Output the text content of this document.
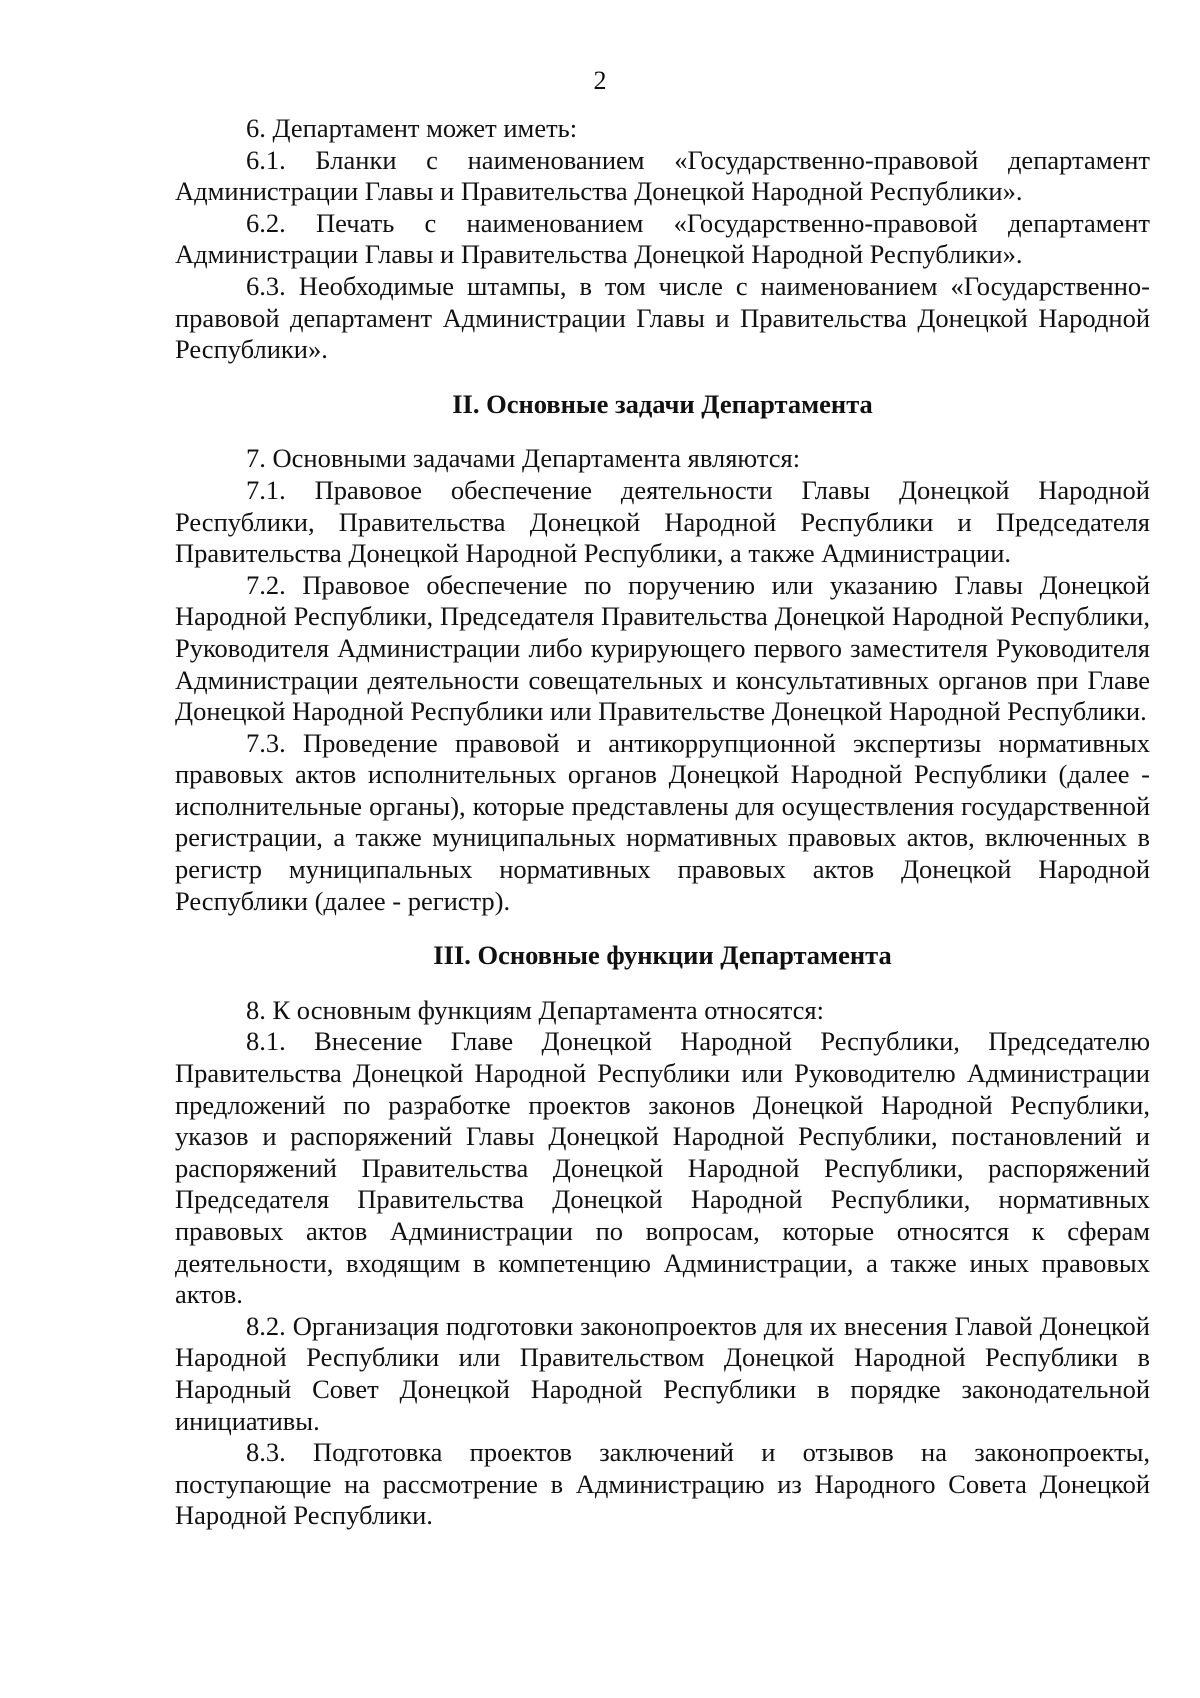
2

6. Департамент может иметь:

6.1. Бланки с наименованием «Государственно-правовой департамент Администрации Главы и Правительства Донецкой Народной Республики».

6.2. Печать с наименованием «Государственно-правовой департамент Администрации Главы и Правительства Донецкой Народной Республики».

6.3. Необходимые штампы, в том числе с наименованием «Государственно-правовой департамент Администрации Главы и Правительства Донецкой Народной Республики».

II. Основные задачи Департамента

7. Основными задачами Департамента являются:

7.1. Правовое обеспечение деятельности Главы Донецкой Народной Республики, Правительства Донецкой Народной Республики и Председателя Правительства Донецкой Народной Республики, а также Администрации.

7.2. Правовое обеспечение по поручению или указанию Главы Донецкой Народной Республики, Председателя Правительства Донецкой Народной Республики, Руководителя Администрации либо курирующего первого заместителя Руководителя Администрации деятельности совещательных и консультативных органов при Главе Донецкой Народной Республики или Правительстве Донецкой Народной Республики.

7.3. Проведение правовой и антикоррупционной экспертизы нормативных правовых актов исполнительных органов Донецкой Народной Республики (далее - исполнительные органы), которые представлены для осуществления государственной регистрации, а также муниципальных нормативных правовых актов, включенных в регистр муниципальных нормативных правовых актов Донецкой Народной Республики (далее - регистр).

III. Основные функции Департамента

8. К основным функциям Департамента относятся:

8.1. Внесение Главе Донецкой Народной Республики, Председателю Правительства Донецкой Народной Республики или Руководителю Администрации предложений по разработке проектов законов Донецкой Народной Республики, указов и распоряжений Главы Донецкой Народной Республики, постановлений и распоряжений Правительства Донецкой Народной Республики, распоряжений Председателя Правительства Донецкой Народной Республики, нормативных правовых актов Администрации по вопросам, которые относятся к сферам деятельности, входящим в компетенцию Администрации, а также иных правовых актов.

8.2. Организация подготовки законопроектов для их внесения Главой Донецкой Народной Республики или Правительством Донецкой Народной Республики в Народный Совет Донецкой Народной Республики в порядке законодательной инициативы.

8.3. Подготовка проектов заключений и отзывов на законопроекты, поступающие на рассмотрение в Администрацию из Народного Совета Донецкой Народной Республики.
